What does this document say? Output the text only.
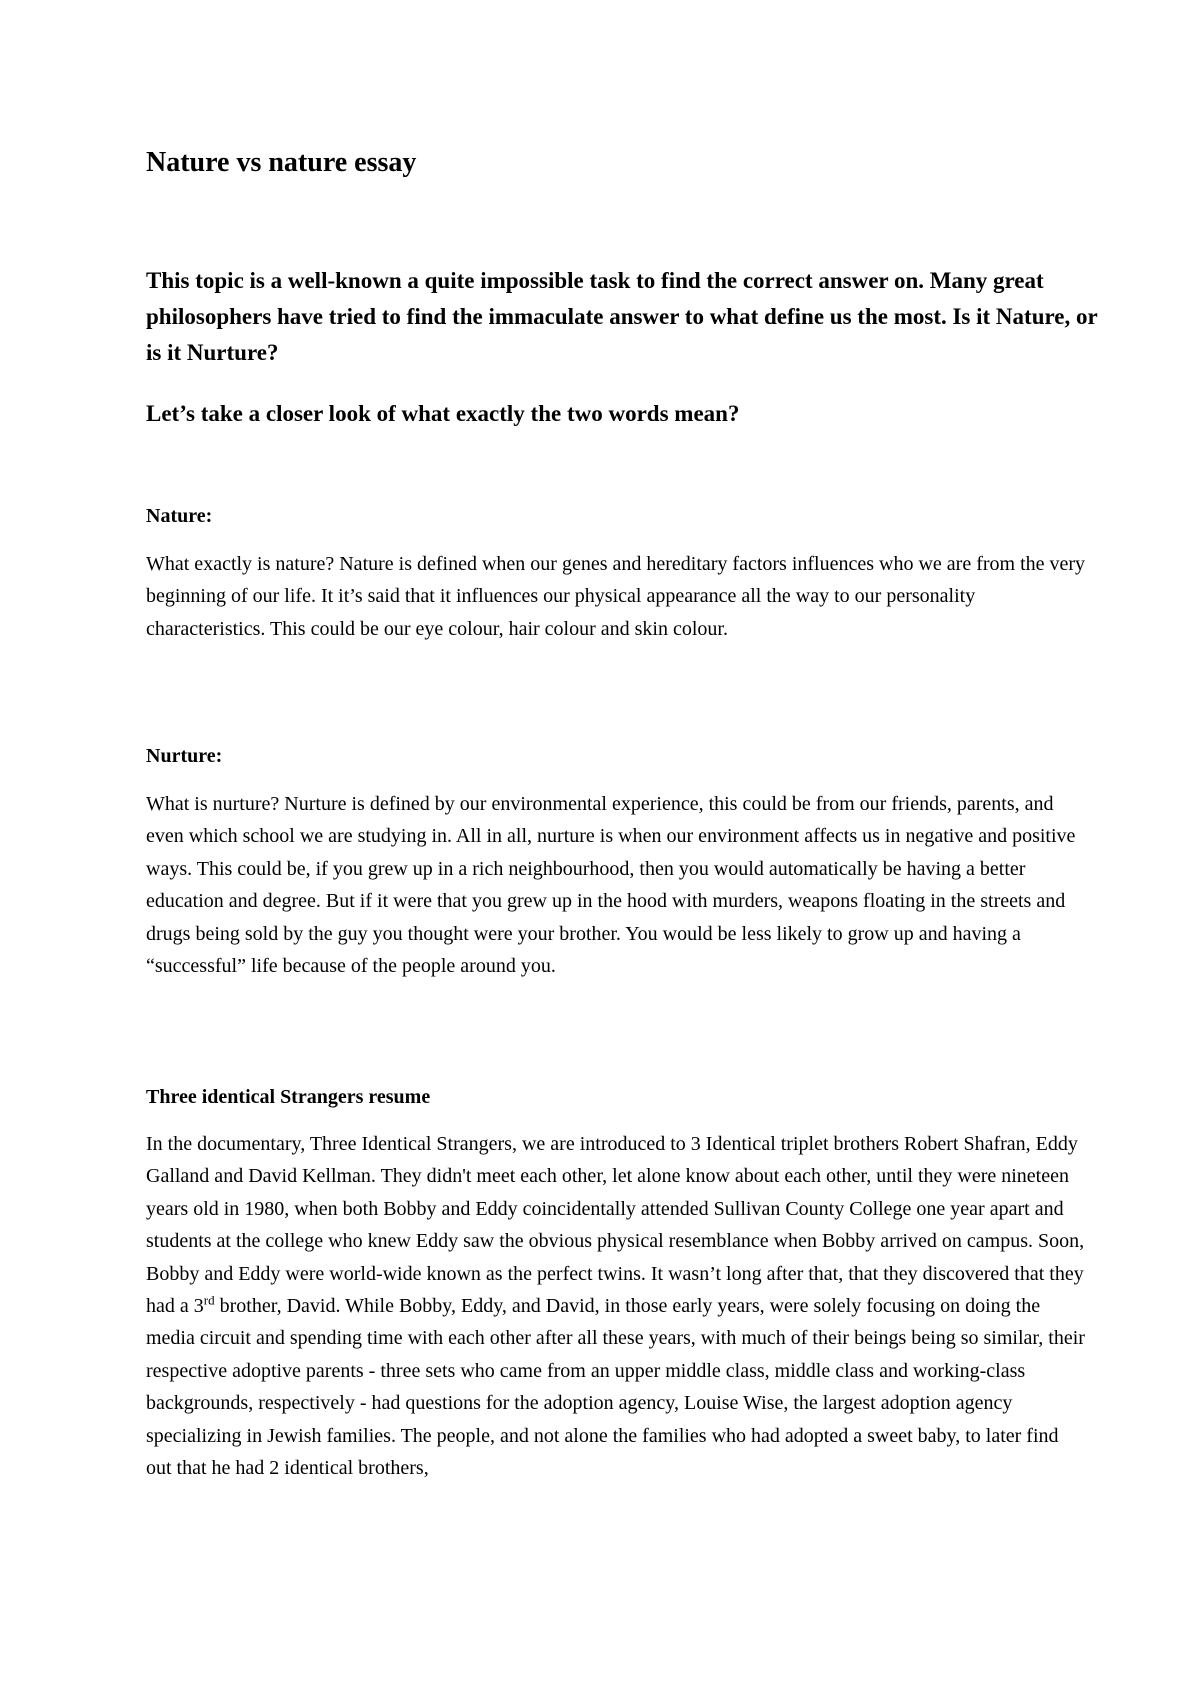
Nature vs nature essay

This topic is a well-known a quite impossible task to find the correct answer on. Many great philosophers have tried to find the immaculate answer to what define us the most. Is it Nature, or is it Nurture?

Let’s take a closer look of what exactly the two words mean?

Nature:

What exactly is nature? Nature is defined when our genes and hereditary factors influences who we are from the very beginning of our life. It it’s said that it influences our physical appearance all the way to our personality characteristics. This could be our eye colour, hair colour and skin colour.

Nurture:

What is nurture? Nurture is defined by our environmental experience, this could be from our friends, parents, and even which school we are studying in. All in all, nurture is when our environment affects us in negative and positive ways. This could be, if you grew up in a rich neighbourhood, then you would automatically be having a better education and degree. But if it were that you grew up in the hood with murders, weapons floating in the streets and drugs being sold by the guy you thought were your brother. You would be less likely to grow up and having a “successful” life because of the people around you.

Three identical Strangers resume

In the documentary, Three Identical Strangers, we are introduced to 3 Identical triplet brothers Robert Shafran, Eddy Galland and David Kellman. They didn't meet each other, let alone know about each other, until they were nineteen years old in 1980, when both Bobby and Eddy coincidentally attended Sullivan County College one year apart and students at the college who knew Eddy saw the obvious physical resemblance when Bobby arrived on campus. Soon, Bobby and Eddy were world-wide known as the perfect twins. It wasn’t long after that, that they discovered that they had a 3rd brother, David. While Bobby, Eddy, and David, in those early years, were solely focusing on doing the media circuit and spending time with each other after all these years, with much of their beings being so similar, their respective adoptive parents - three sets who came from an upper middle class, middle class and working-class backgrounds, respectively - had questions for the adoption agency, Louise Wise, the largest adoption agency specializing in Jewish families. The people, and not alone the families who had adopted a sweet baby, to later find out that he had 2 identical brothers,
